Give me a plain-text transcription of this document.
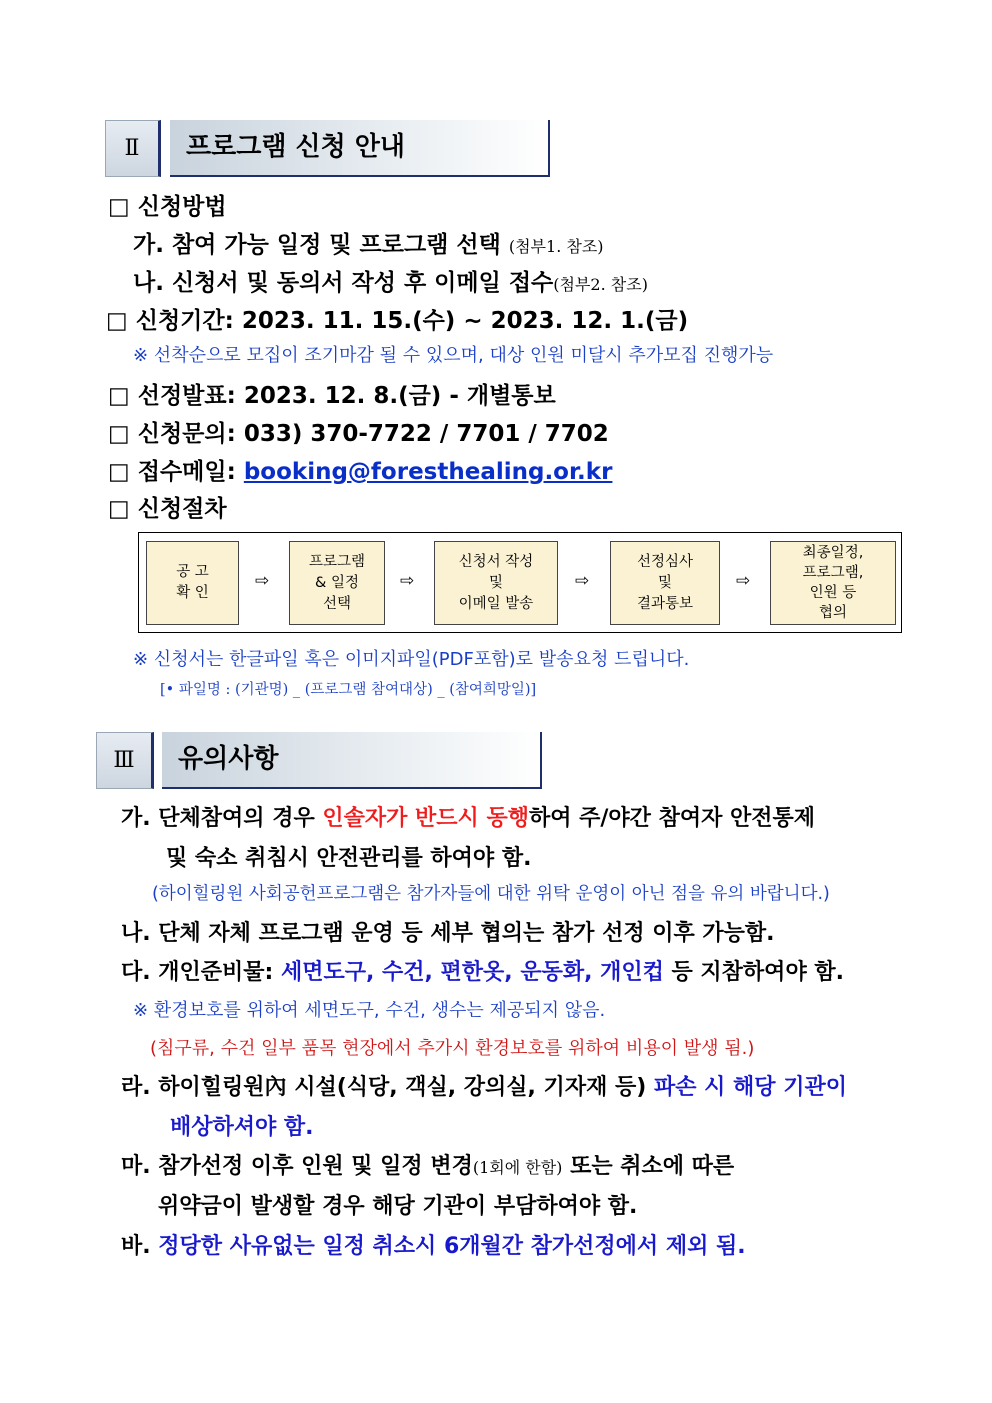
Ⅱ	프로그램 신청 안내
□ 신청방법
가. 참여 가능 일정 및 프로그램 선택 (첨부1. 참조)
나. 신청서 및 동의서 작성 후 이메일 접수(첨부2. 참조)
□ 신청기간: 2023. 11. 15.(수) ~ 2023. 12. 1.(금)
※ 선착순으로 모집이 조기마감 될 수 있으며, 대상 인원 미달시 추가모집 진행가능
□ 선정발표: 2023. 12. 8.(금) - 개별통보
□ 신청문의: 033) 370-7722 / 7701 / 7702
□ 접수메일: booking@foresthealing.or.kr
□ 신청절차
공 고
확 인
⇨
프로그램
& 일정
선택
⇨
신청서 작성
및
이메일 발송
⇨
선정심사
및
결과통보
⇨
최종일정,
프로그램,
인원 등
협의
※ 신청서는 한글파일 혹은 이미지파일(PDF포함)로 발송요청 드립니다.
[• 파일명 : (기관명) _ (프로그램 참여대상) _ (참여희망일)]
Ⅲ	유의사항
가. 단체참여의 경우 인솔자가 반드시 동행하여 주/야간 참여자 안전통제
및 숙소 취침시 안전관리를 하여야 함.
(하이힐링원 사회공헌프로그램은 참가자들에 대한 위탁 운영이 아닌 점을 유의 바랍니다.)
나. 단체 자체 프로그램 운영 등 세부 협의는 참가 선정 이후 가능함.
다. 개인준비물: 세면도구, 수건, 편한옷, 운동화, 개인컵 등 지참하여야 함.
※ 환경보호를 위하여 세면도구, 수건, 생수는 제공되지 않음.
(침구류, 수건 일부 품목 현장에서 추가시 환경보호를 위하여 비용이 발생 됨.)
라. 하이힐링원內 시설(식당, 객실, 강의실, 기자재 등) 파손 시 해당 기관이
배상하셔야 함.
마. 참가선정 이후 인원 및 일정 변경(1회에 한함) 또는 취소에 따른
위약금이 발생할 경우 해당 기관이 부담하여야 함.
바. 정당한 사유없는 일정 취소시 6개월간 참가선정에서 제외 됨.
